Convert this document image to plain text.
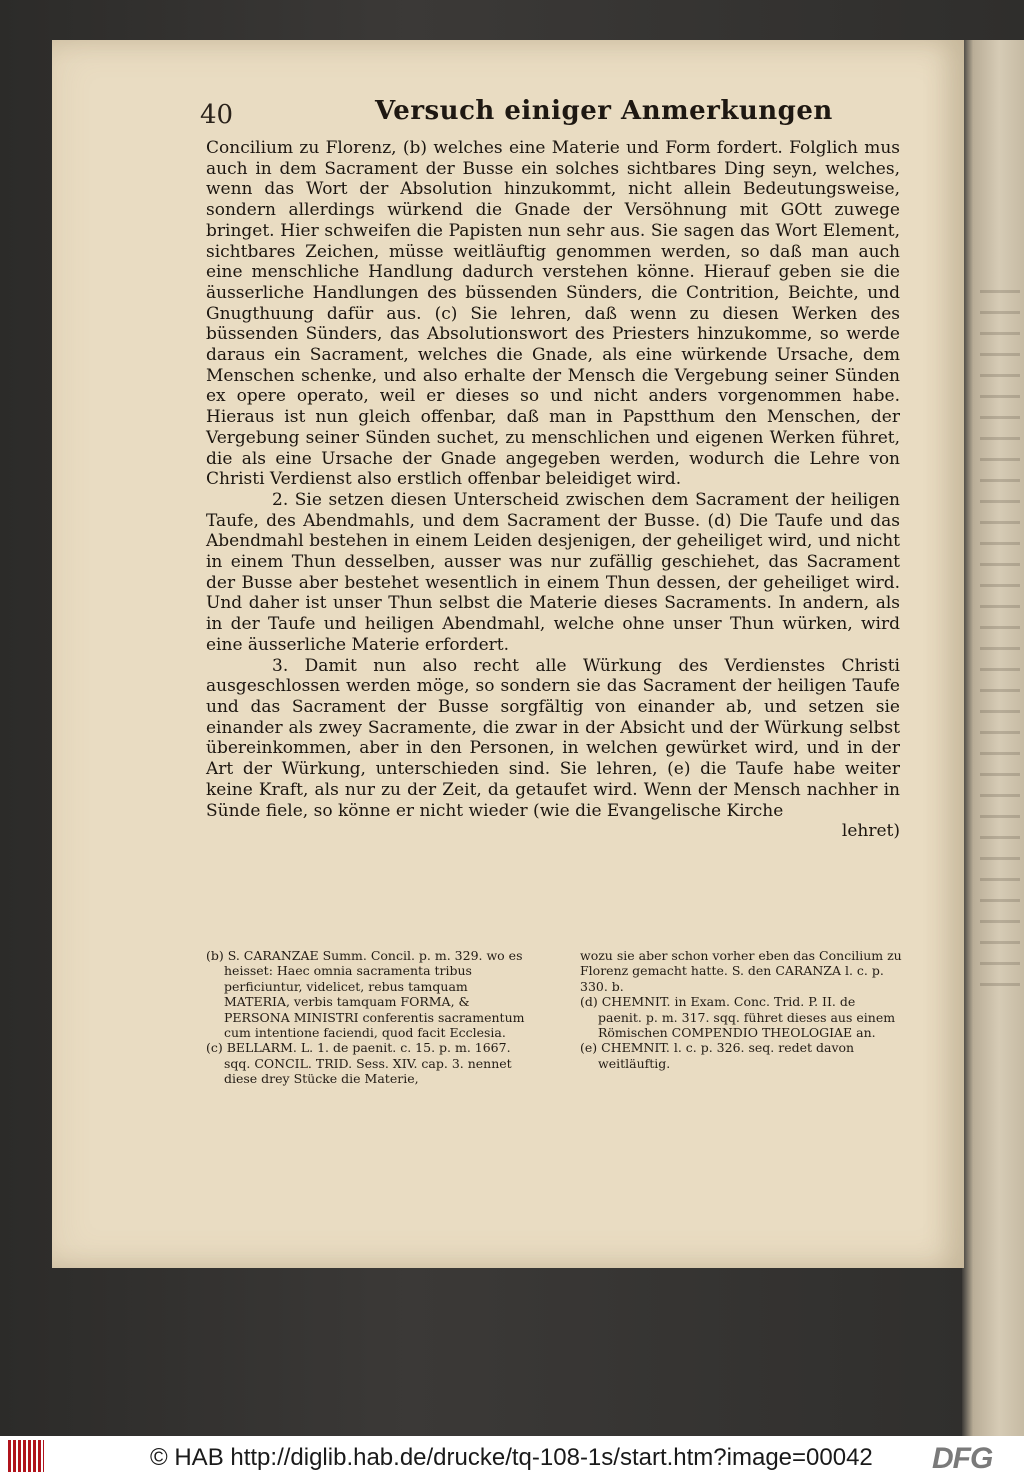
40	Versuch einiger Anmerkungen

Concilium zu Florenz, (b) welches eine Materie und Form fordert. Folglich mus auch in dem Sacrament der Busse ein solches sichtbares Ding seyn, welches, wenn das Wort der Absolution hinzukommt, nicht allein Bedeutungsweise, sondern allerdings würkend die Gnade der Versöhnung mit GOtt zuwege bringet. Hier schweifen die Papisten nun sehr aus. Sie sagen das Wort Element, sichtbares Zeichen, müsse weitläuftig genommen werden, so daß man auch eine menschliche Handlung dadurch verstehen könne. Hierauf geben sie die äusserliche Handlungen des büssenden Sünders, die Contrition, Beichte, und Gnugthuung dafür aus. (c) Sie lehren, daß wenn zu diesen Werken des büssenden Sünders, das Absolutionswort des Priesters hinzukomme, so werde daraus ein Sacrament, welches die Gnade, als eine würkende Ursache, dem Menschen schenke, und also erhalte der Mensch die Vergebung seiner Sünden ex opere operato, weil er dieses so und nicht anders vorgenommen habe. Hieraus ist nun gleich offenbar, daß man in Papstthum den Menschen, der Vergebung seiner Sünden suchet, zu menschlichen und eigenen Werken führet, die als eine Ursache der Gnade angegeben werden, wodurch die Lehre von Christi Verdienst also erstlich offenbar beleidiget wird.

2. Sie setzen diesen Unterscheid zwischen dem Sacrament der heiligen Taufe, des Abendmahls, und dem Sacrament der Busse. (d) Die Taufe und das Abendmahl bestehen in einem Leiden desjenigen, der geheiliget wird, und nicht in einem Thun desselben, ausser was nur zufällig geschiehet, das Sacrament der Busse aber bestehet wesentlich in einem Thun dessen, der geheiliget wird. Und daher ist unser Thun selbst die Materie dieses Sacraments. In andern, als in der Taufe und heiligen Abendmahl, welche ohne unser Thun würken, wird eine äusserliche Materie erfordert.

3. Damit nun also recht alle Würkung des Verdienstes Christi ausgeschlossen werden möge, so sondern sie das Sacrament der heiligen Taufe und das Sacrament der Busse sorgfältig von einander ab, und setzen sie einander als zwey Sacramente, die zwar in der Absicht und der Würkung selbst übereinkommen, aber in den Personen, in welchen gewürket wird, und in der Art der Würkung, unterschieden sind. Sie lehren, (e) die Taufe habe weiter keine Kraft, als nur zu der Zeit, da getaufet wird. Wenn der Mensch nachher in Sünde fiele, so könne er nicht wieder (wie die Evangelische Kirche

lehret)

(b) S. CARANZAE Summ. Concil. p. m. 329. wo es heisset: Haec omnia sacramenta tribus perficiuntur, videlicet, rebus tamquam MATERIA, verbis tamquam FORMA, & PERSONA MINISTRI conferentis sacramentum cum intentione faciendi, quod facit Ecclesia.

(c) BELLARM. L. 1. de paenit. c. 15. p. m. 1667. sqq. CONCIL. TRID. Sess. XIV. cap. 3. nennet diese drey Stücke die Materie,

wozu sie aber schon vorher eben das Concilium zu Florenz gemacht hatte. S. den CARANZA l. c. p. 330. b.

(d) CHEMNIT. in Exam. Conc. Trid. P. II. de paenit. p. m. 317. sqq. führet dieses aus einem Römischen COMPENDIO THEOLOGIAE an.

(e) CHEMNIT. l. c. p. 326. seq. redet davon weitläuftig.

© HAB http://diglib.hab.de/drucke/tq-108-1s/start.htm?image=00042 DFG
